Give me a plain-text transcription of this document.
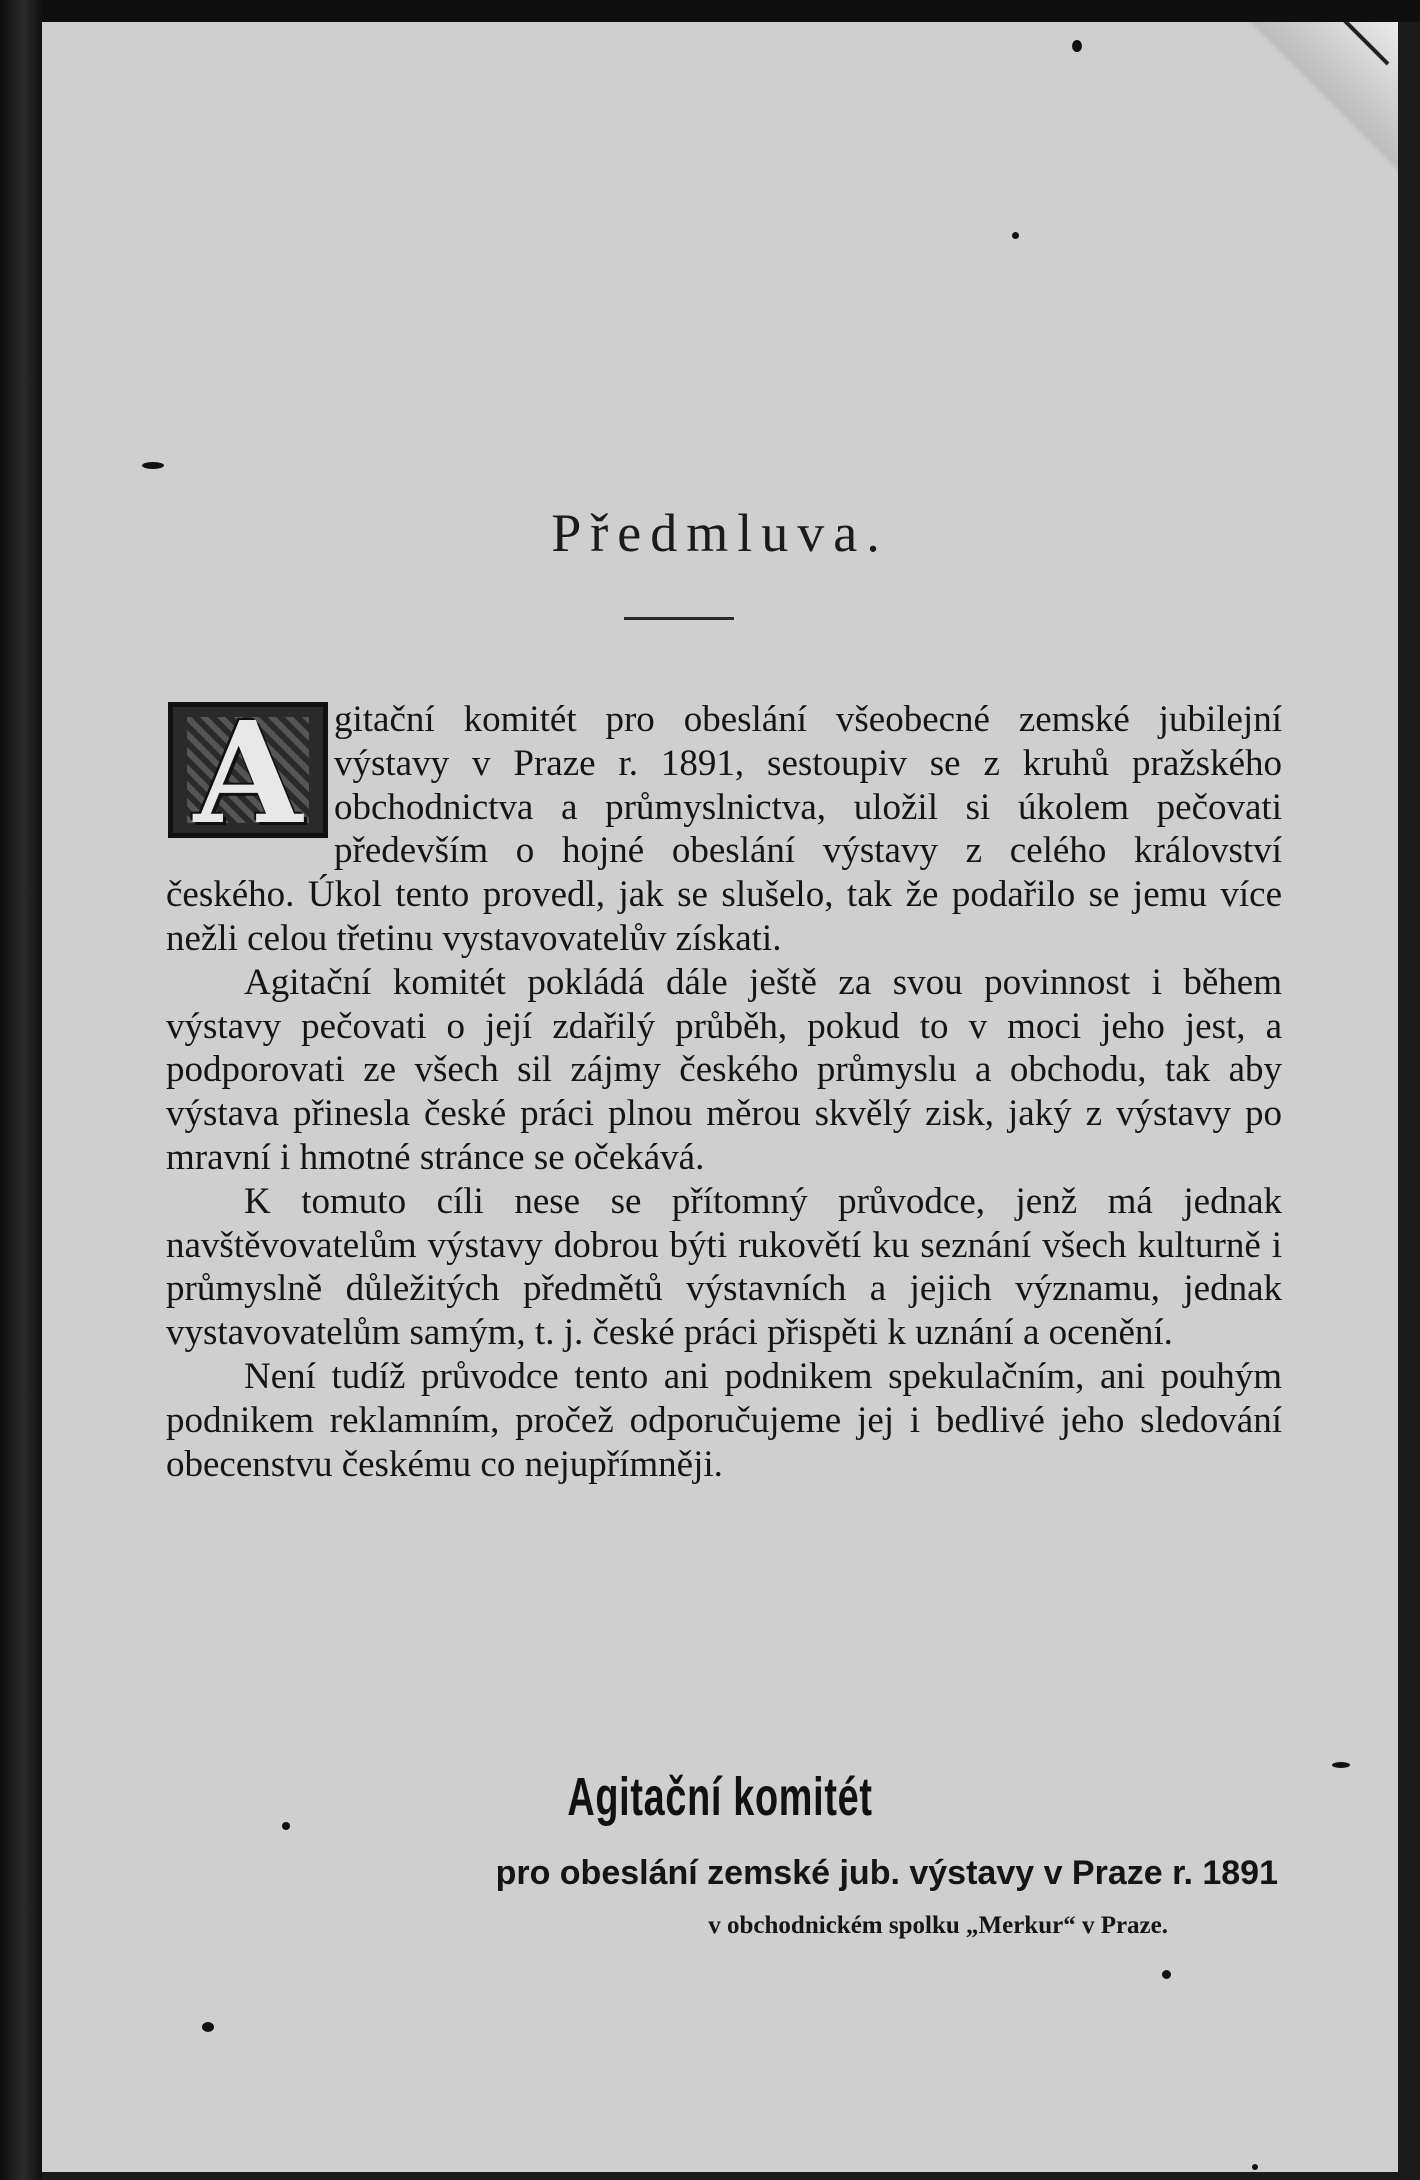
Předmluva.

A gitační komitét pro obeslání všeobecné zemské jubilejní výstavy v Praze r. 1891, sestoupiv se z kruhů pražského obchodnictva a průmyslnictva, uložil si úkolem pečovati především o hojné obeslání výstavy z celého království českého. Úkol tento provedl, jak se slušelo, tak že podařilo se jemu více nežli celou třetinu vystavovatelův získati.

Agitační komitét pokládá dále ještě za svou povinnost i během výstavy pečovati o její zdařilý průběh, pokud to v moci jeho jest, a podporovati ze všech sil zájmy českého průmyslu a obchodu, tak aby výstava přinesla české práci plnou měrou skvělý zisk, jaký z výstavy po mravní i hmotné stránce se očekává.

K tomuto cíli nese se přítomný průvodce, jenž má jednak navštěvovatelům výstavy dobrou býti rukovětí ku seznání všech kulturně i průmyslně důležitých předmětů výstavních a jejich významu, jednak vystavovatelům samým, t. j. české práci přispěti k uznání a ocenění.

Není tudíž průvodce tento ani podnikem spekulačním, ani pouhým podnikem reklamním, pročež odporučujeme jej i bedlivé jeho sledování obecenstvu českému co nejupřímněji.

Agitační komitét
pro obeslání zemské jub. výstavy v Praze r. 1891
v obchodnickém spolku „Merkur“ v Praze.
